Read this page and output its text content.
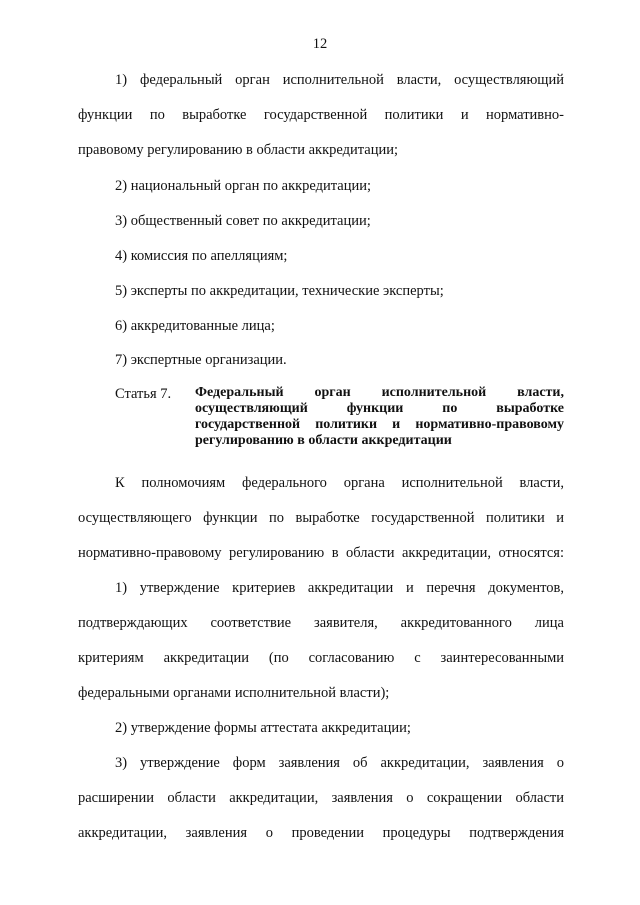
12
1) федеральный орган исполнительной власти, осуществляющий
функции по выработке государственной политики и нормативно-
правовому регулированию в области аккредитации;
2) национальный орган по аккредитации;
3) общественный совет по аккредитации;
4) комиссия по апелляциям;
5) эксперты по аккредитации, технические эксперты;
6) аккредитованные лица;
7) экспертные организации.
Статья 7. Федеральный орган исполнительной власти,
осуществляющий функции по выработке
государственной политики и нормативно-правовому
регулированию в области аккредитации
К полномочиям федерального органа исполнительной власти,
осуществляющего функции по выработке государственной политики и
нормативно-правовому регулированию в области аккредитации, относятся:
1) утверждение критериев аккредитации и перечня документов,
подтверждающих соответствие заявителя, аккредитованного лица
критериям аккредитации (по согласованию с заинтересованными
федеральными органами исполнительной власти);
2) утверждение формы аттестата аккредитации;
3) утверждение форм заявления об аккредитации, заявления о
расширении области аккредитации, заявления о сокращении области
аккредитации, заявления о проведении процедуры подтверждения
